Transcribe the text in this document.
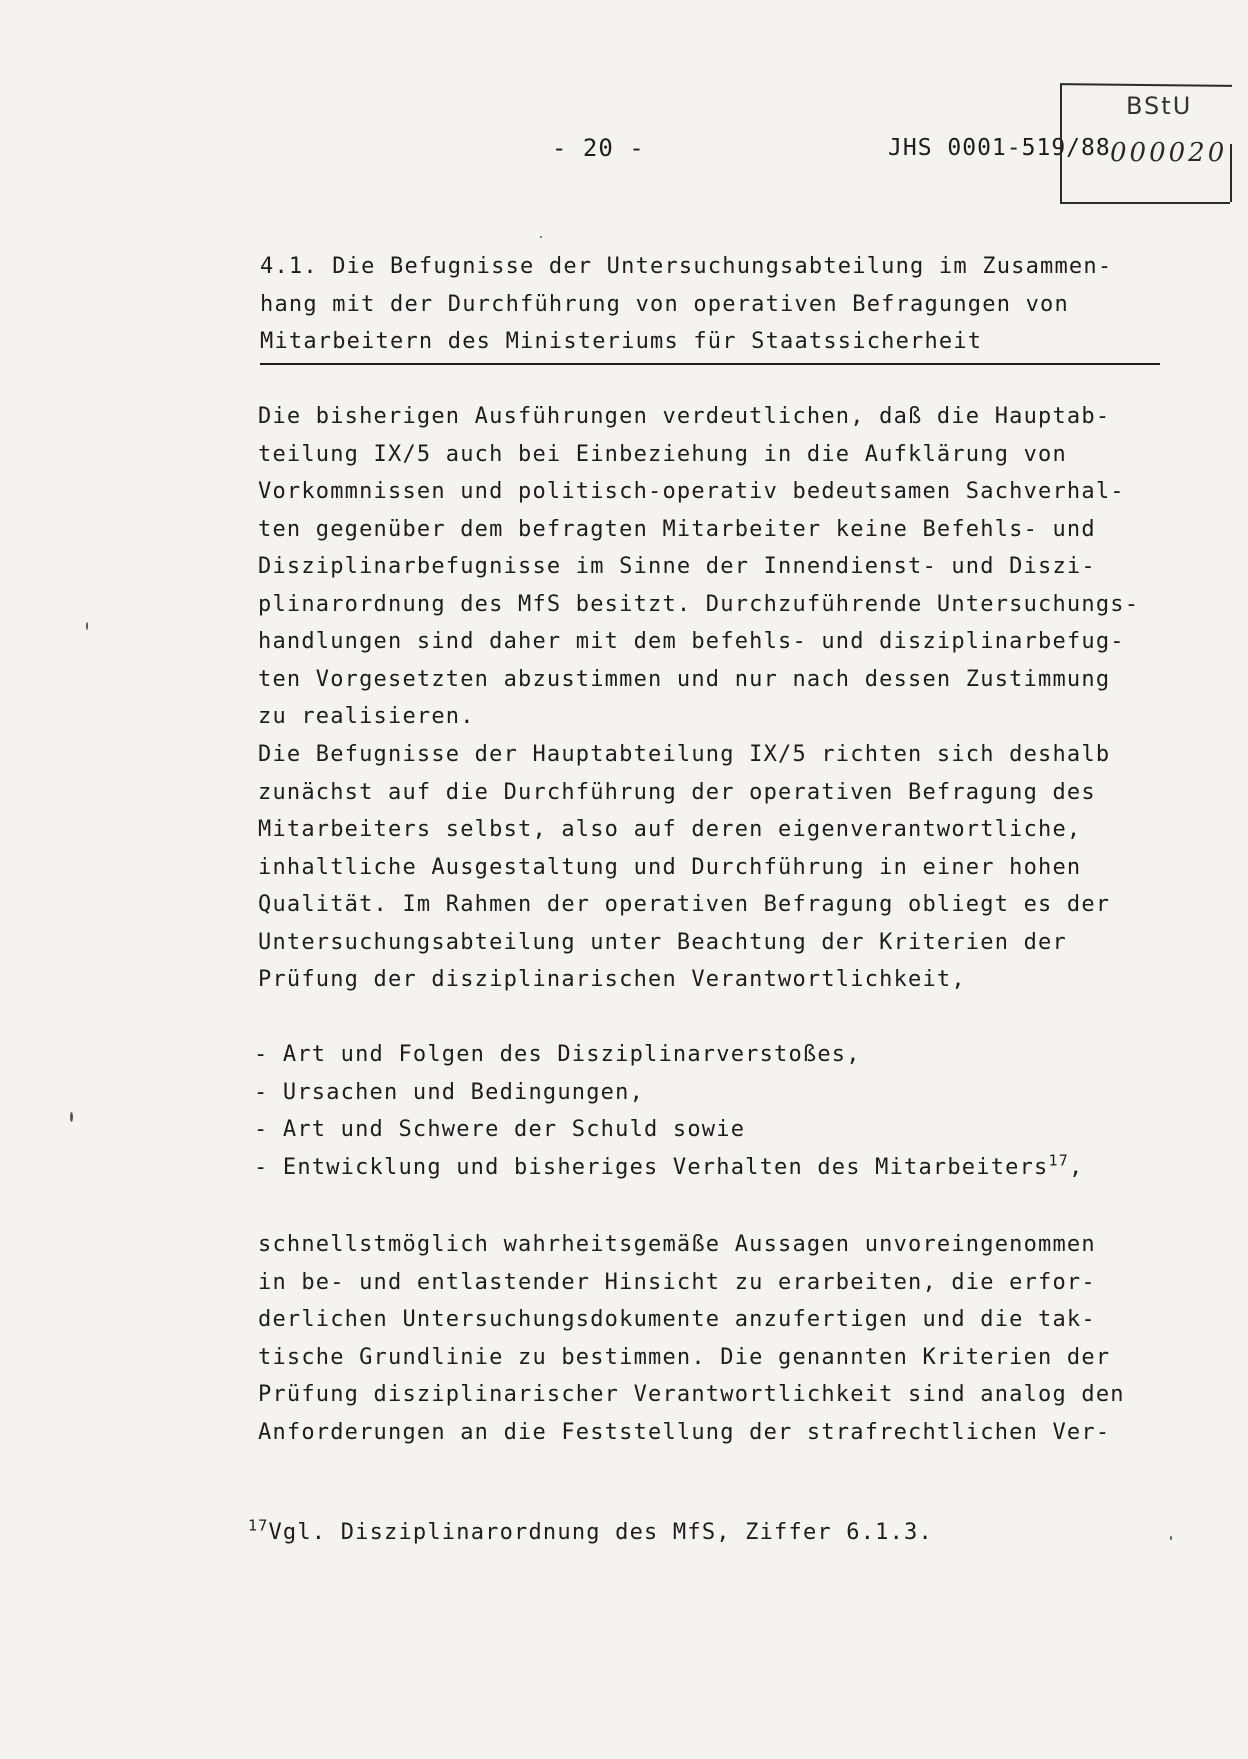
- 20 -	JHS 0001-519/88
BStU
000020
4.1. Die Befugnisse der Untersuchungsabteilung im Zusammen-
hang mit der Durchführung von operativen Befragungen von
Mitarbeitern des Ministeriums für Staatssicherheit
Die bisherigen Ausführungen verdeutlichen, daß die Hauptab-
teilung IX/5 auch bei Einbeziehung in die Aufklärung von
Vorkommnissen und politisch-operativ bedeutsamen Sachverhal-
ten gegenüber dem befragten Mitarbeiter keine Befehls- und
Disziplinarbefugnisse im Sinne der Innendienst- und Diszi-
plinarordnung des MfS besitzt. Durchzuführende Untersuchungs-
handlungen sind daher mit dem befehls- und disziplinarbefug-
ten Vorgesetzten abzustimmen und nur nach dessen Zustimmung
zu realisieren.
Die Befugnisse der Hauptabteilung IX/5 richten sich deshalb
zunächst auf die Durchführung der operativen Befragung des
Mitarbeiters selbst, also auf deren eigenverantwortliche,
inhaltliche Ausgestaltung und Durchführung in einer hohen
Qualität. Im Rahmen der operativen Befragung obliegt es der
Untersuchungsabteilung unter Beachtung der Kriterien der
Prüfung der disziplinarischen Verantwortlichkeit,
- Art und Folgen des Disziplinarverstoßes,
- Ursachen und Bedingungen,
- Art und Schwere der Schuld sowie
- Entwicklung und bisheriges Verhalten des Mitarbeiters$^{17}$,
schnellstmöglich wahrheitsgemäße Aussagen unvoreingenommen
in be- und entlastender Hinsicht zu erarbeiten, die erfor-
derlichen Untersuchungsdokumente anzufertigen und die tak-
tische Grundlinie zu bestimmen. Die genannten Kriterien der
Prüfung disziplinarischer Verantwortlichkeit sind analog den
Anforderungen an die Feststellung der strafrechtlichen Ver-
$^{17}$Vgl. Disziplinarordnung des MfS, Ziffer 6.1.3.
